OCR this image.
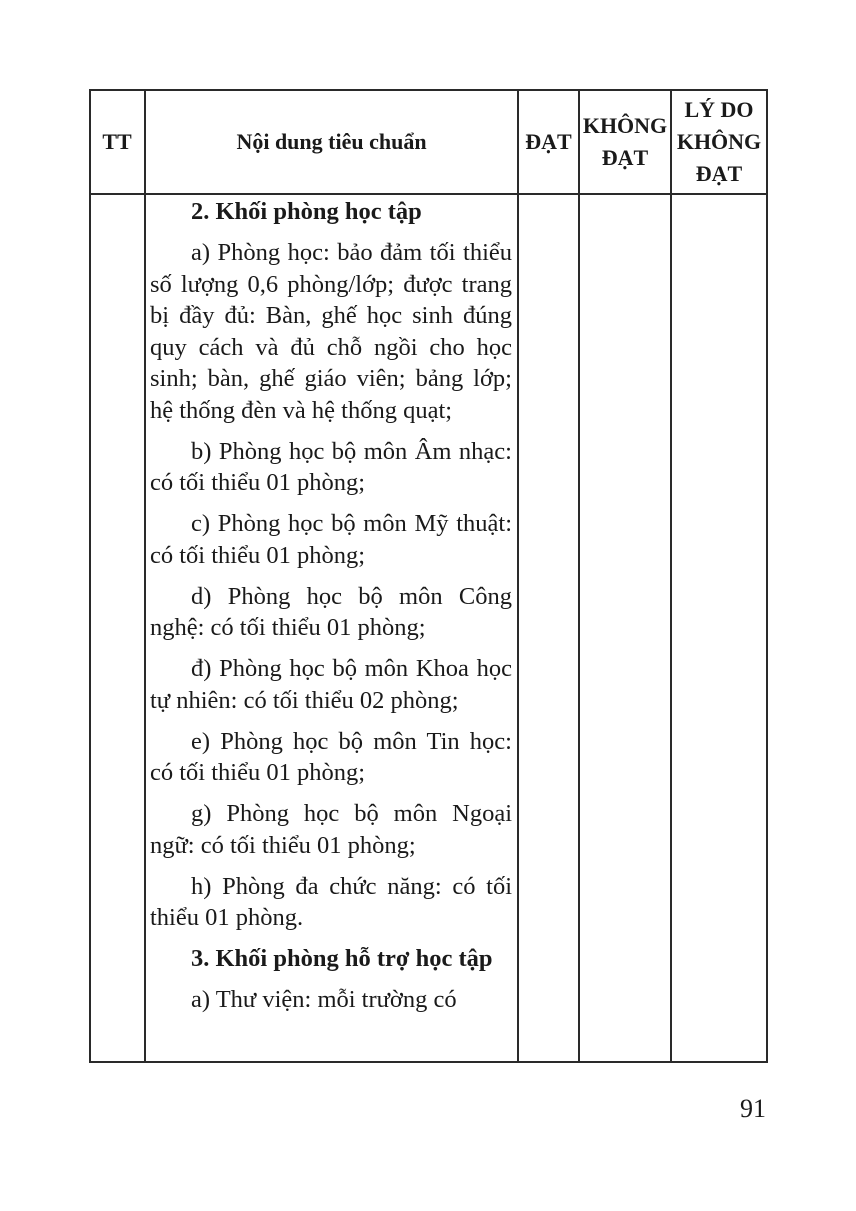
TT	Nội dung tiêu chuẩn	ĐẠT
KHÔNG
ĐẠT
LÝ DO
KHÔNG
ĐẠT

2. Khối phòng học tập

a) Phòng học: bảo đảm tối thiểu số lượng 0,6 phòng/lớp; được trang bị đầy đủ: Bàn, ghế học sinh đúng quy cách và đủ chỗ ngồi cho học sinh; bàn, ghế giáo viên; bảng lớp; hệ thống đèn và hệ thống quạt;

b) Phòng học bộ môn Âm nhạc: có tối thiểu 01 phòng;

c) Phòng học bộ môn Mỹ thuật: có tối thiểu 01 phòng;

d) Phòng học bộ môn Công nghệ: có tối thiểu 01 phòng;

đ) Phòng học bộ môn Khoa học tự nhiên: có tối thiểu 02 phòng;

e) Phòng học bộ môn Tin học: có tối thiểu 01 phòng;

g) Phòng học bộ môn Ngoại ngữ: có tối thiểu 01 phòng;

h) Phòng đa chức năng: có tối thiểu 01 phòng.

3. Khối phòng hỗ trợ học tập

a) Thư viện: mỗi trường có

91
